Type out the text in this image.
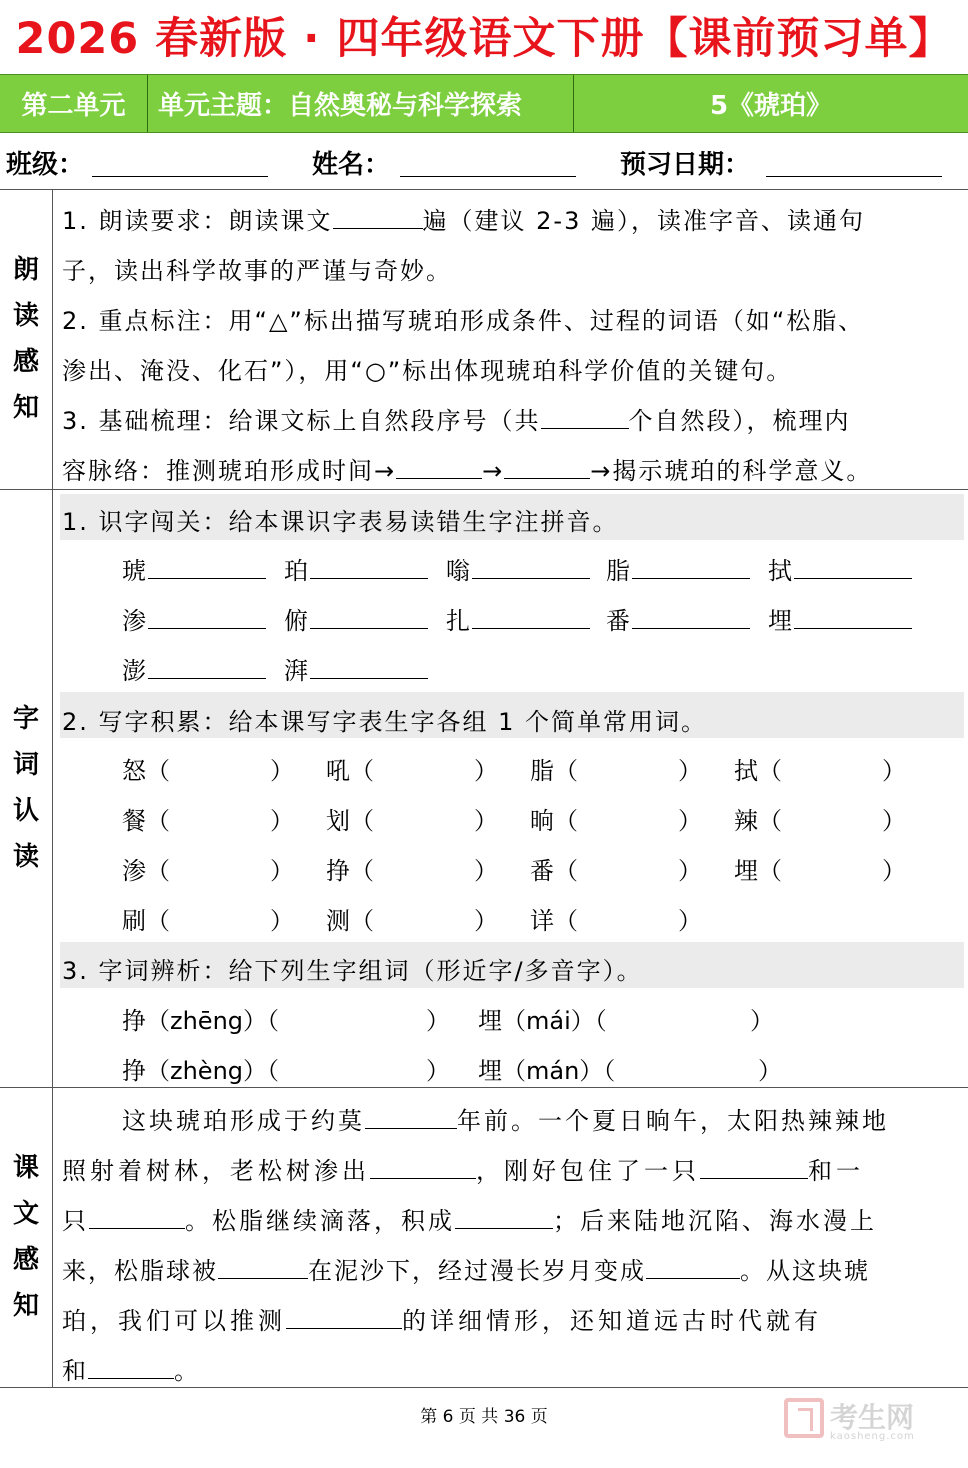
2026 春新版 · 四年级语文下册【课前预习单】
第二单元	单元主题：自然奥秘与科学探索	5《琥珀》
班级：	姓名：	预习日期：
朗读感知
字词认读
课文感知
1. 朗读要求：朗读课文	遍（建议 2-3 遍），读准字音、读通句
子，读出科学故事的严谨与奇妙。
2. 重点标注：用“△”标出描写琥珀形成条件、过程的词语（如“松脂、
渗出、淹没、化石”），用“○”标出体现琥珀科学价值的关键句。
3. 基础梳理：给课文标上自然段序号（共	个自然段），梳理内
容脉络：推测琥珀形成时间→	→	→揭示琥珀的科学意义。
1. 识字闯关：给本课识字表易读错生字注拼音。
琥	珀	嗡	脂	拭
渗	俯	扎	番	埋
澎	湃
2. 写字积累：给本课写字表生字各组 1 个简单常用词。
怒（	） 吼（	） 脂（	） 拭（	）
餐（	） 划（	） 晌（	） 辣（	）
渗（	） 挣（	） 番（	） 埋（	）
刷（	） 测（	） 详（	）
3. 字词辨析：给下列生字组词（形近字/多音字）。
挣（zhēng）（	） 埋（mái）（	）
挣（zhèng）（	） 埋（mán）（	）
这块琥珀形成于约莫	年前。一个夏日晌午，太阳热辣辣地
照射着树林，老松树渗出	，刚好包住了一只	和一
只	。松脂继续滴落，积成	；后来陆地沉陷、海水漫上
来，松脂球被	在泥沙下，经过漫长岁月变成	。从这块琥
珀，我们可以推测	的详细情形，还知道远古时代就有
和	。
第 6 页 共 36 页	考生网
kaosheng.com
